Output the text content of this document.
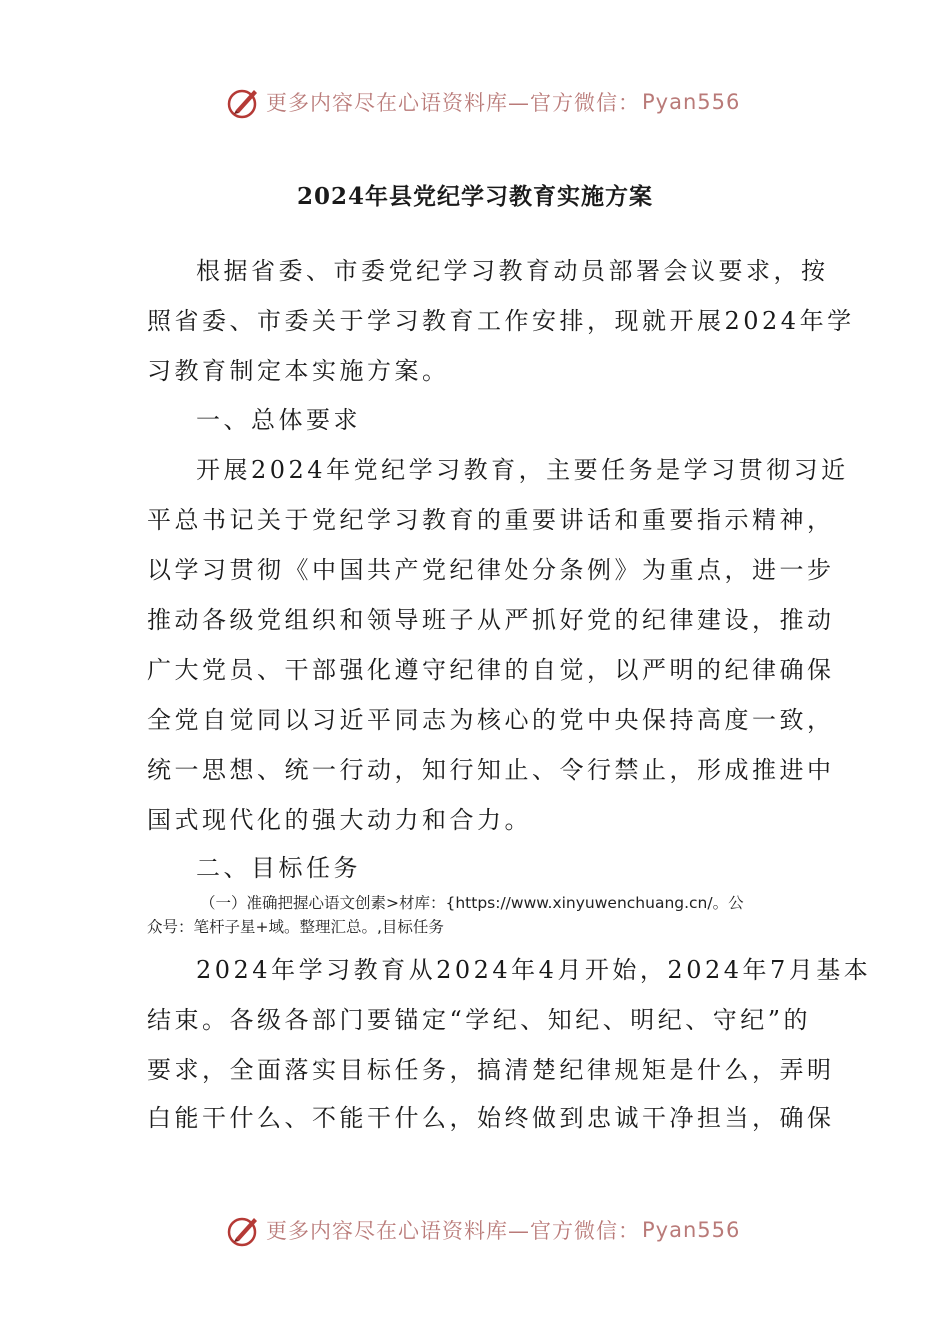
更多内容尽在心语资料库—官方微信： Pyan556
2024年县党纪学习教育实施方案
根据省委、市委党纪学习教育动员部署会议要求，按
照省委、市委关于学习教育工作安排，现就开展2024年学
习教育制定本实施方案。
一、总体要求
开展2024年党纪学习教育，主要任务是学习贯彻习近
平总书记关于党纪学习教育的重要讲话和重要指示精神，
以学习贯彻《中国共产党纪律处分条例》为重点，进一步
推动各级党组织和领导班子从严抓好党的纪律建设，推动
广大党员、干部强化遵守纪律的自觉，以严明的纪律确保
全党自觉同以习近平同志为核心的党中央保持高度一致，
统一思想、统一行动，知行知止、令行禁止，形成推进中
国式现代化的强大动力和合力。
二、目标任务
（一）准确把握心语文创素>材库：{https://www.xinyuwenchuang.cn/。公
众号：笔杆子星+域。整理汇总。,目标任务
2024年学习教育从2024年4月开始，2024年7月基本
结束。各级各部门要锚定“学纪、知纪、明纪、守纪”的
要求，全面落实目标任务，搞清楚纪律规矩是什么，弄明
白能干什么、不能干什么，始终做到忠诚干净担当，确保
更多内容尽在心语资料库—官方微信： Pyan556
